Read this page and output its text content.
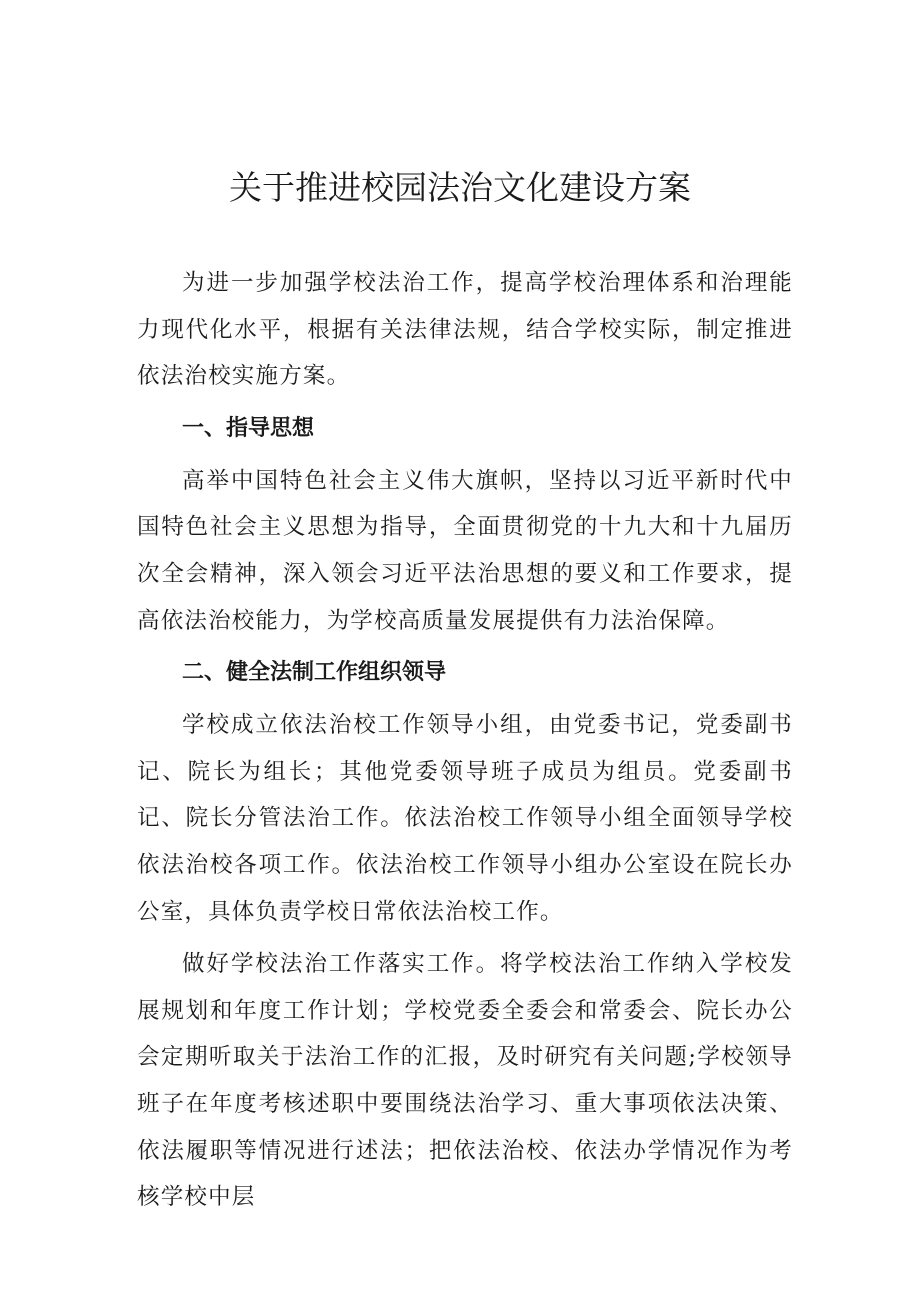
关于推进校园法治文化建设方案

为进一步加强学校法治工作，提高学校治理体系和治理能力现代化水平，根据有关法律法规，结合学校实际，制定推进依法治校实施方案。

一、指导思想

高举中国特色社会主义伟大旗帜，坚持以习近平新时代中国特色社会主义思想为指导，全面贯彻党的十九大和十九届历次全会精神，深入领会习近平法治思想的要义和工作要求，提高依法治校能力，为学校高质量发展提供有力法治保障。

二、健全法制工作组织领导

学校成立依法治校工作领导小组，由党委书记，党委副书记、院长为组长；其他党委领导班子成员为组员。党委副书记、院长分管法治工作。依法治校工作领导小组全面领导学校依法治校各项工作。依法治校工作领导小组办公室设在院长办公室，具体负责学校日常依法治校工作。

做好学校法治工作落实工作。将学校法治工作纳入学校发展规划和年度工作计划；学校党委全委会和常委会、院长办公会定期听取关于法治工作的汇报，及时研究有关问题;学校领导班子在年度考核述职中要围绕法治学习、重大事项依法决策、依法履职等情况进行述法；把依法治校、依法办学情况作为考核学校中层
